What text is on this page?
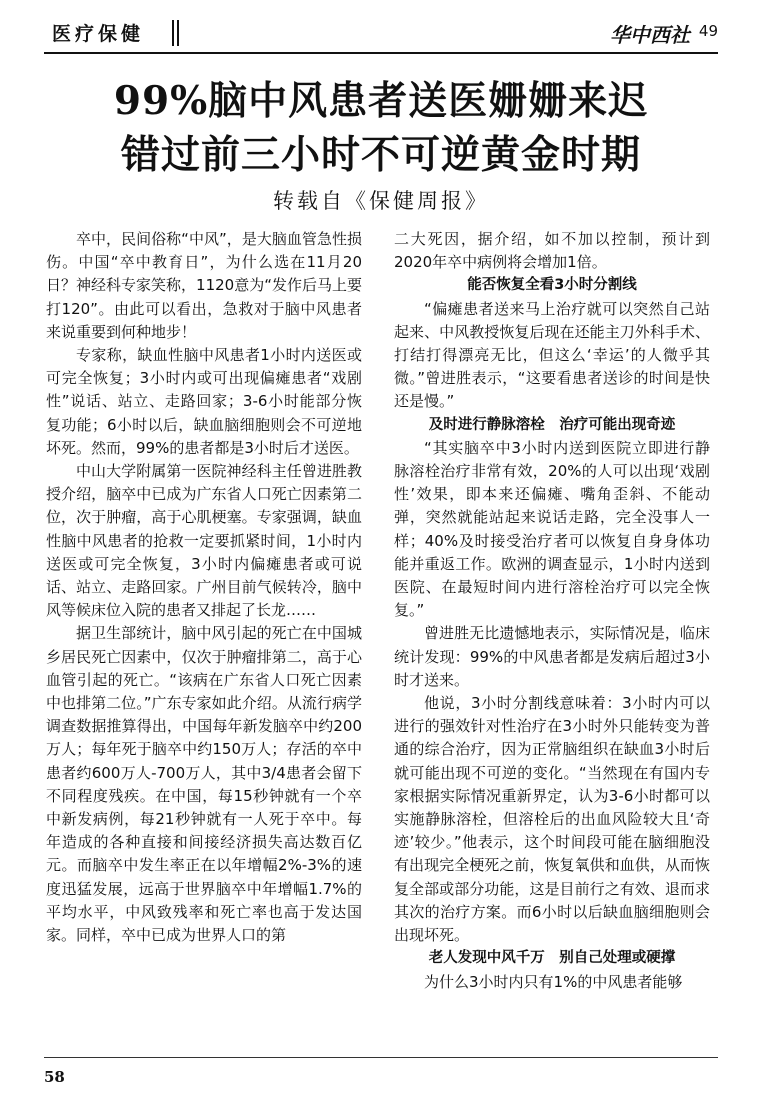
医疗保健	华中西社 49
99%脑中风患者送医姗姗来迟
错过前三小时不可逆黄金时期
转载自《保健周报》

卒中，民间俗称“中风”，是大脑血管急性损伤。中国“卒中教育日”，为什么选在11月20日？神经科专家笑称，1120意为“发作后马上要打120”。由此可以看出，急救对于脑中风患者来说重要到何种地步！

专家称，缺血性脑中风患者1小时内送医或可完全恢复；3小时内或可出现偏瘫患者“戏剧性”说话、站立、走路回家；3-6小时能部分恢复功能；6小时以后，缺血脑细胞则会不可逆地坏死。然而，99%的患者都是3小时后才送医。

中山大学附属第一医院神经科主任曾进胜教授介绍，脑卒中已成为广东省人口死亡因素第二位，次于肿瘤，高于心肌梗塞。专家强调，缺血性脑中风患者的抢救一定要抓紧时间，1小时内送医或可完全恢复，3小时内偏瘫患者或可说话、站立、走路回家。广州目前气候转冷，脑中风等候床位入院的患者又排起了长龙……

据卫生部统计，脑中风引起的死亡在中国城乡居民死亡因素中，仅次于肿瘤排第二，高于心血管引起的死亡。“该病在广东省人口死亡因素中也排第二位。”广东专家如此介绍。从流行病学调查数据推算得出，中国每年新发脑卒中约200万人；每年死于脑卒中约150万人；存活的卒中患者约600万人-700万人，其中3/4患者会留下不同程度残疾。在中国，每15秒钟就有一个卒中新发病例，每21秒钟就有一人死于卒中。每年造成的各种直接和间接经济损失高达数百亿元。而脑卒中发生率正在以年增幅2%-3%的速度迅猛发展，远高于世界脑卒中年增幅1.7%的平均水平，中风致残率和死亡率也高于发达国家。同样，卒中已成为世界人口的第

二大死因，据介绍，如不加以控制，预计到2020年卒中病例将会增加1倍。

能否恢复全看3小时分割线

“偏瘫患者送来马上治疗就可以突然自己站起来、中风教授恢复后现在还能主刀外科手术、打结打得漂亮无比，但这么‘幸运’的人微乎其微。”曾进胜表示，“这要看患者送诊的时间是快还是慢。”

及时进行静脉溶栓　治疗可能出现奇迹

“其实脑卒中3小时内送到医院立即进行静脉溶栓治疗非常有效，20%的人可以出现‘戏剧性’效果，即本来还偏瘫、嘴角歪斜、不能动弹，突然就能站起来说话走路，完全没事人一样；40%及时接受治疗者可以恢复自身身体功能并重返工作。欧洲的调查显示，1小时内送到医院、在最短时间内进行溶栓治疗可以完全恢复。”

曾进胜无比遗憾地表示，实际情况是，临床统计发现：99%的中风患者都是发病后超过3小时才送来。

他说，3小时分割线意味着：3小时内可以进行的强效针对性治疗在3小时外只能转变为普通的综合治疗，因为正常脑组织在缺血3小时后就可能出现不可逆的变化。“当然现在有国内专家根据实际情况重新界定，认为3-6小时都可以实施静脉溶栓，但溶栓后的出血风险较大且‘奇迹’较少。”他表示，这个时间段可能在脑细胞没有出现完全梗死之前，恢复氧供和血供，从而恢复全部或部分功能，这是目前行之有效、退而求其次的治疗方案。而6小时以后缺血脑细胞则会出现坏死。

老人发现中风千万　别自己处理或硬撑

为什么3小时内只有1%的中风患者能够

58
